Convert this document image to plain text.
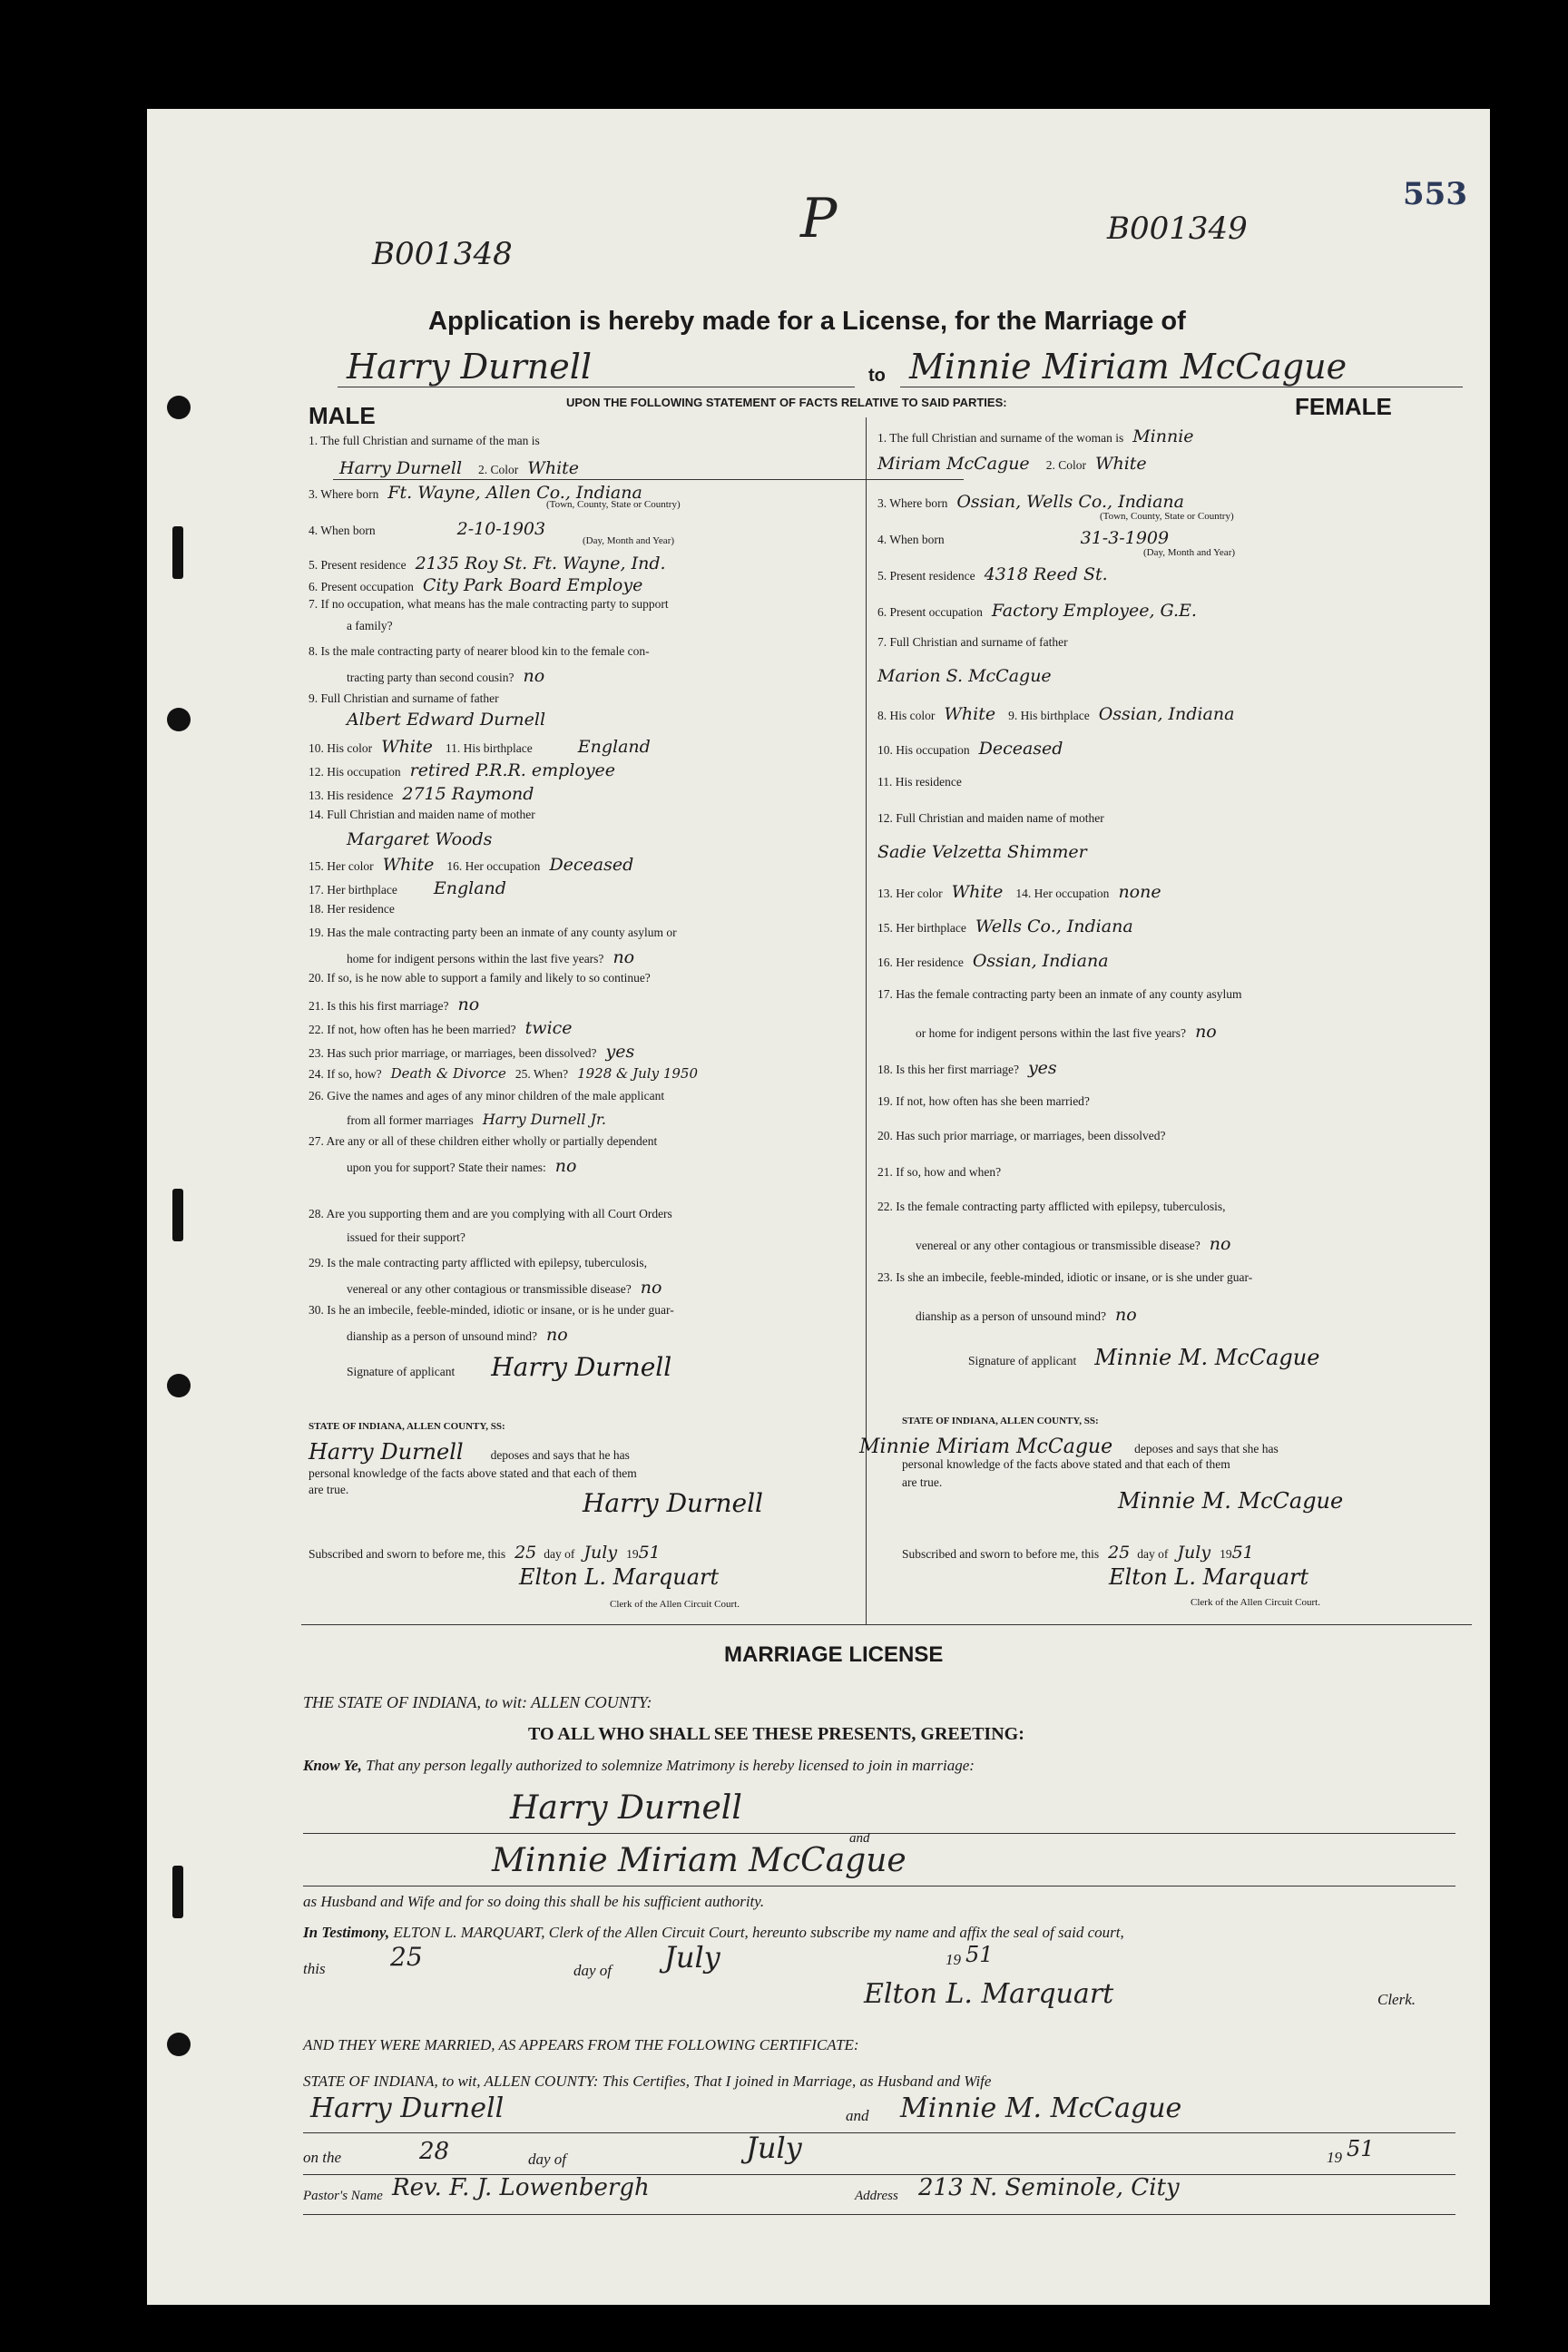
553
B001348
P	B001349
Application is hereby made for a License, for the Marriage of
Harry Durnell	to Minnie Miriam McCague
MALE	UPON THE FOLLOWING STATEMENT OF FACTS RELATIVE TO SAID PARTIES:	FEMALE
1. The full Christian and surname of the man is
Harry Durnell 2. Color White
3. Where born Ft. Wayne, Allen Co., Indiana
(Town, County, State or Country)
4. When born	2-10-1903
(Day, Month and Year)
5. Present residence 2135 Roy St. Ft. Wayne, Ind.
6. Present occupation City Park Board Employe
7. If no occupation, what means has the male contracting party to support
a family?
8. Is the male contracting party of nearer blood kin to the female con-
tracting party than second cousin? no
9. Full Christian and surname of father
Albert Edward Durnell
10. His color White 11. His birthplace	England
12. His occupation retired P.R.R. employee
13. His residence 2715 Raymond
14. Full Christian and maiden name of mother
Margaret Woods
15. Her color White 16. Her occupation Deceased
17. Her birthplace England
18. Her residence
19. Has the male contracting party been an inmate of any county asylum or
home for indigent persons within the last five years? no
20. If so, is he now able to support a family and likely to so continue?
21. Is this his first marriage? no
22. If not, how often has he been married? twice
23. Has such prior marriage, or marriages, been dissolved? yes
24. If so, how? Death & Divorce 25. When? 1928 & July 1950
26. Give the names and ages of any minor children of the male applicant
from all former marriages Harry Durnell Jr.
27. Are any or all of these children either wholly or partially dependent
upon you for support? State their names: no
28. Are you supporting them and are you complying with all Court Orders
issued for their support?
29. Is the male contracting party afflicted with epilepsy, tuberculosis,
venereal or any other contagious or transmissible disease? no
30. Is he an imbecile, feeble-minded, idiotic or insane, or is he under guar-
dianship as a person of unsound mind? no
Signature of applicant Harry Durnell
1. The full Christian and surname of the woman is Minnie
Miriam McCague 2. Color White
3. Where born Ossian, Wells Co., Indiana
(Town, County, State or Country)
4. When born	31-3-1909
(Day, Month and Year)
5. Present residence 4318 Reed St.
6. Present occupation Factory Employee, G.E.
7. Full Christian and surname of father
Marion S. McCague
8. His color White 9. His birthplace Ossian, Indiana
10. His occupation Deceased
11. His residence
12. Full Christian and maiden name of mother
Sadie Velzetta Shimmer
13. Her color White 14. Her occupation none
15. Her birthplace Wells Co., Indiana
16. Her residence Ossian, Indiana
17. Has the female contracting party been an inmate of any county asylum
or home for indigent persons within the last five years? no
18. Is this her first marriage? yes
19. If not, how often has she been married?
20. Has such prior marriage, or marriages, been dissolved?
21. If so, how and when?
22. Is the female contracting party afflicted with epilepsy, tuberculosis,
venereal or any other contagious or transmissible disease? no
23. Is she an imbecile, feeble-minded, idiotic or insane, or is she under guar-
dianship as a person of unsound mind? no
Signature of applicant Minnie M. McCague
STATE OF INDIANA, ALLEN COUNTY, SS:
Harry Durnell deposes and says that he has
personal knowledge of the facts above stated and that each of them
are true.	Harry Durnell
Subscribed and sworn to before me, this 25 day of July 1951
Elton L. Marquart
Clerk of the Allen Circuit Court.
STATE OF INDIANA, ALLEN COUNTY, SS:
Minnie Miriam McCague deposes and says that she has
personal knowledge of the facts above stated and that each of them
are true.
Minnie M. McCague
Subscribed and sworn to before me, this 25 day of July 1951
Elton L. Marquart
Clerk of the Allen Circuit Court.
MARRIAGE LICENSE
THE STATE OF INDIANA, to wit: ALLEN COUNTY:
TO ALL WHO SHALL SEE THESE PRESENTS, GREETING:
Know Ye, That any person legally authorized to solemnize Matrimony is hereby licensed to join in marriage:
Harry Durnell
and
Minnie Miriam McCague
as Husband and Wife and for so doing this shall be his sufficient authority.
In Testimony, ELTON L. MARQUART, Clerk of the Allen Circuit Court, hereunto subscribe my name and affix the seal of said court,
this	25	day of July	19 51
Elton L. Marquart	Clerk.
AND THEY WERE MARRIED, AS APPEARS FROM THE FOLLOWING CERTIFICATE:
STATE OF INDIANA, to wit, ALLEN COUNTY: This Certifies, That I joined in Marriage, as Husband and Wife
Harry Durnell	and Minnie M. McCague
on the	28	day of	July	19 51
Pastor's Name Rev. F. J. Lowenbergh	Address 213 N. Seminole, City
